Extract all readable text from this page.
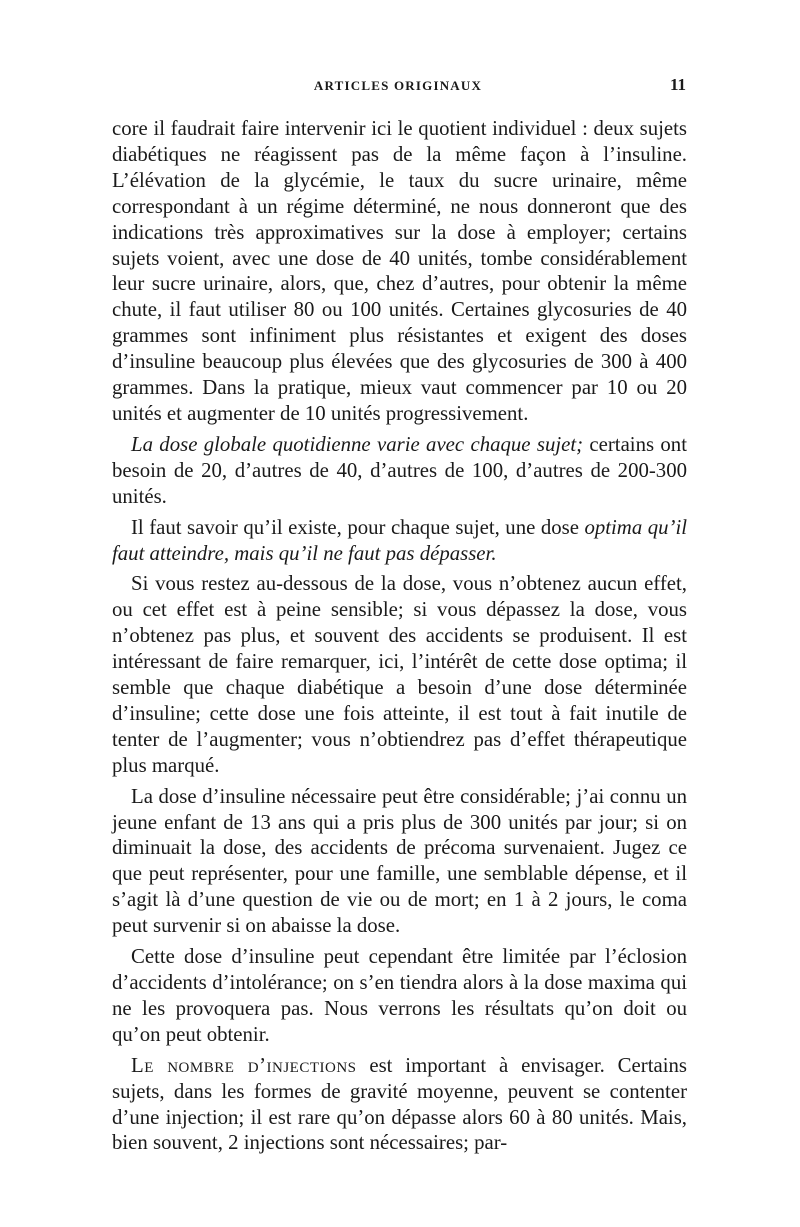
ARTICLES ORIGINAUX	11

core il faudrait faire intervenir ici le quotient individuel : deux sujets diabétiques ne réagissent pas de la même façon à l’insuline. L’élévation de la glycémie, le taux du sucre urinaire, même correspondant à un régime déterminé, ne nous donneront que des indications très approximatives sur la dose à employer; certains sujets voient, avec une dose de 40 unités, tombe considérablement leur sucre urinaire, alors, que, chez d’autres, pour obtenir la même chute, il faut utiliser 80 ou 100 unités. Certaines glycosuries de 40 grammes sont infiniment plus résistantes et exigent des doses d’insuline beaucoup plus élevées que des glycosuries de 300 à 400 grammes. Dans la pratique, mieux vaut commencer par 10 ou 20 unités et augmenter de 10 unités progressivement.

La dose globale quotidienne varie avec chaque sujet; certains ont besoin de 20, d’autres de 40, d’autres de 100, d’autres de 200-300 unités.

Il faut savoir qu’il existe, pour chaque sujet, une dose optima qu’il faut atteindre, mais qu’il ne faut pas dépasser.

Si vous restez au-dessous de la dose, vous n’obtenez aucun effet, ou cet effet est à peine sensible; si vous dépassez la dose, vous n’obtenez pas plus, et souvent des accidents se produisent. Il est intéressant de faire remarquer, ici, l’intérêt de cette dose optima; il semble que chaque diabétique a besoin d’une dose déterminée d’insuline; cette dose une fois atteinte, il est tout à fait inutile de tenter de l’augmenter; vous n’obtiendrez pas d’effet thérapeutique plus marqué.

La dose d’insuline nécessaire peut être considérable; j’ai connu un jeune enfant de 13 ans qui a pris plus de 300 unités par jour; si on diminuait la dose, des accidents de précoma survenaient. Jugez ce que peut représenter, pour une famille, une semblable dépense, et il s’agit là d’une question de vie ou de mort; en 1 à 2 jours, le coma peut survenir si on abaisse la dose.

Cette dose d’insuline peut cependant être limitée par l’éclosion d’accidents d’intolérance; on s’en tiendra alors à la dose maxima qui ne les provoquera pas. Nous verrons les résultats qu’on doit ou qu’on peut obtenir.

Le nombre d’injections est important à envisager. Certains sujets, dans les formes de gravité moyenne, peuvent se contenter d’une injection; il est rare qu’on dépasse alors 60 à 80 unités. Mais, bien souvent, 2 injections sont nécessaires; par-
